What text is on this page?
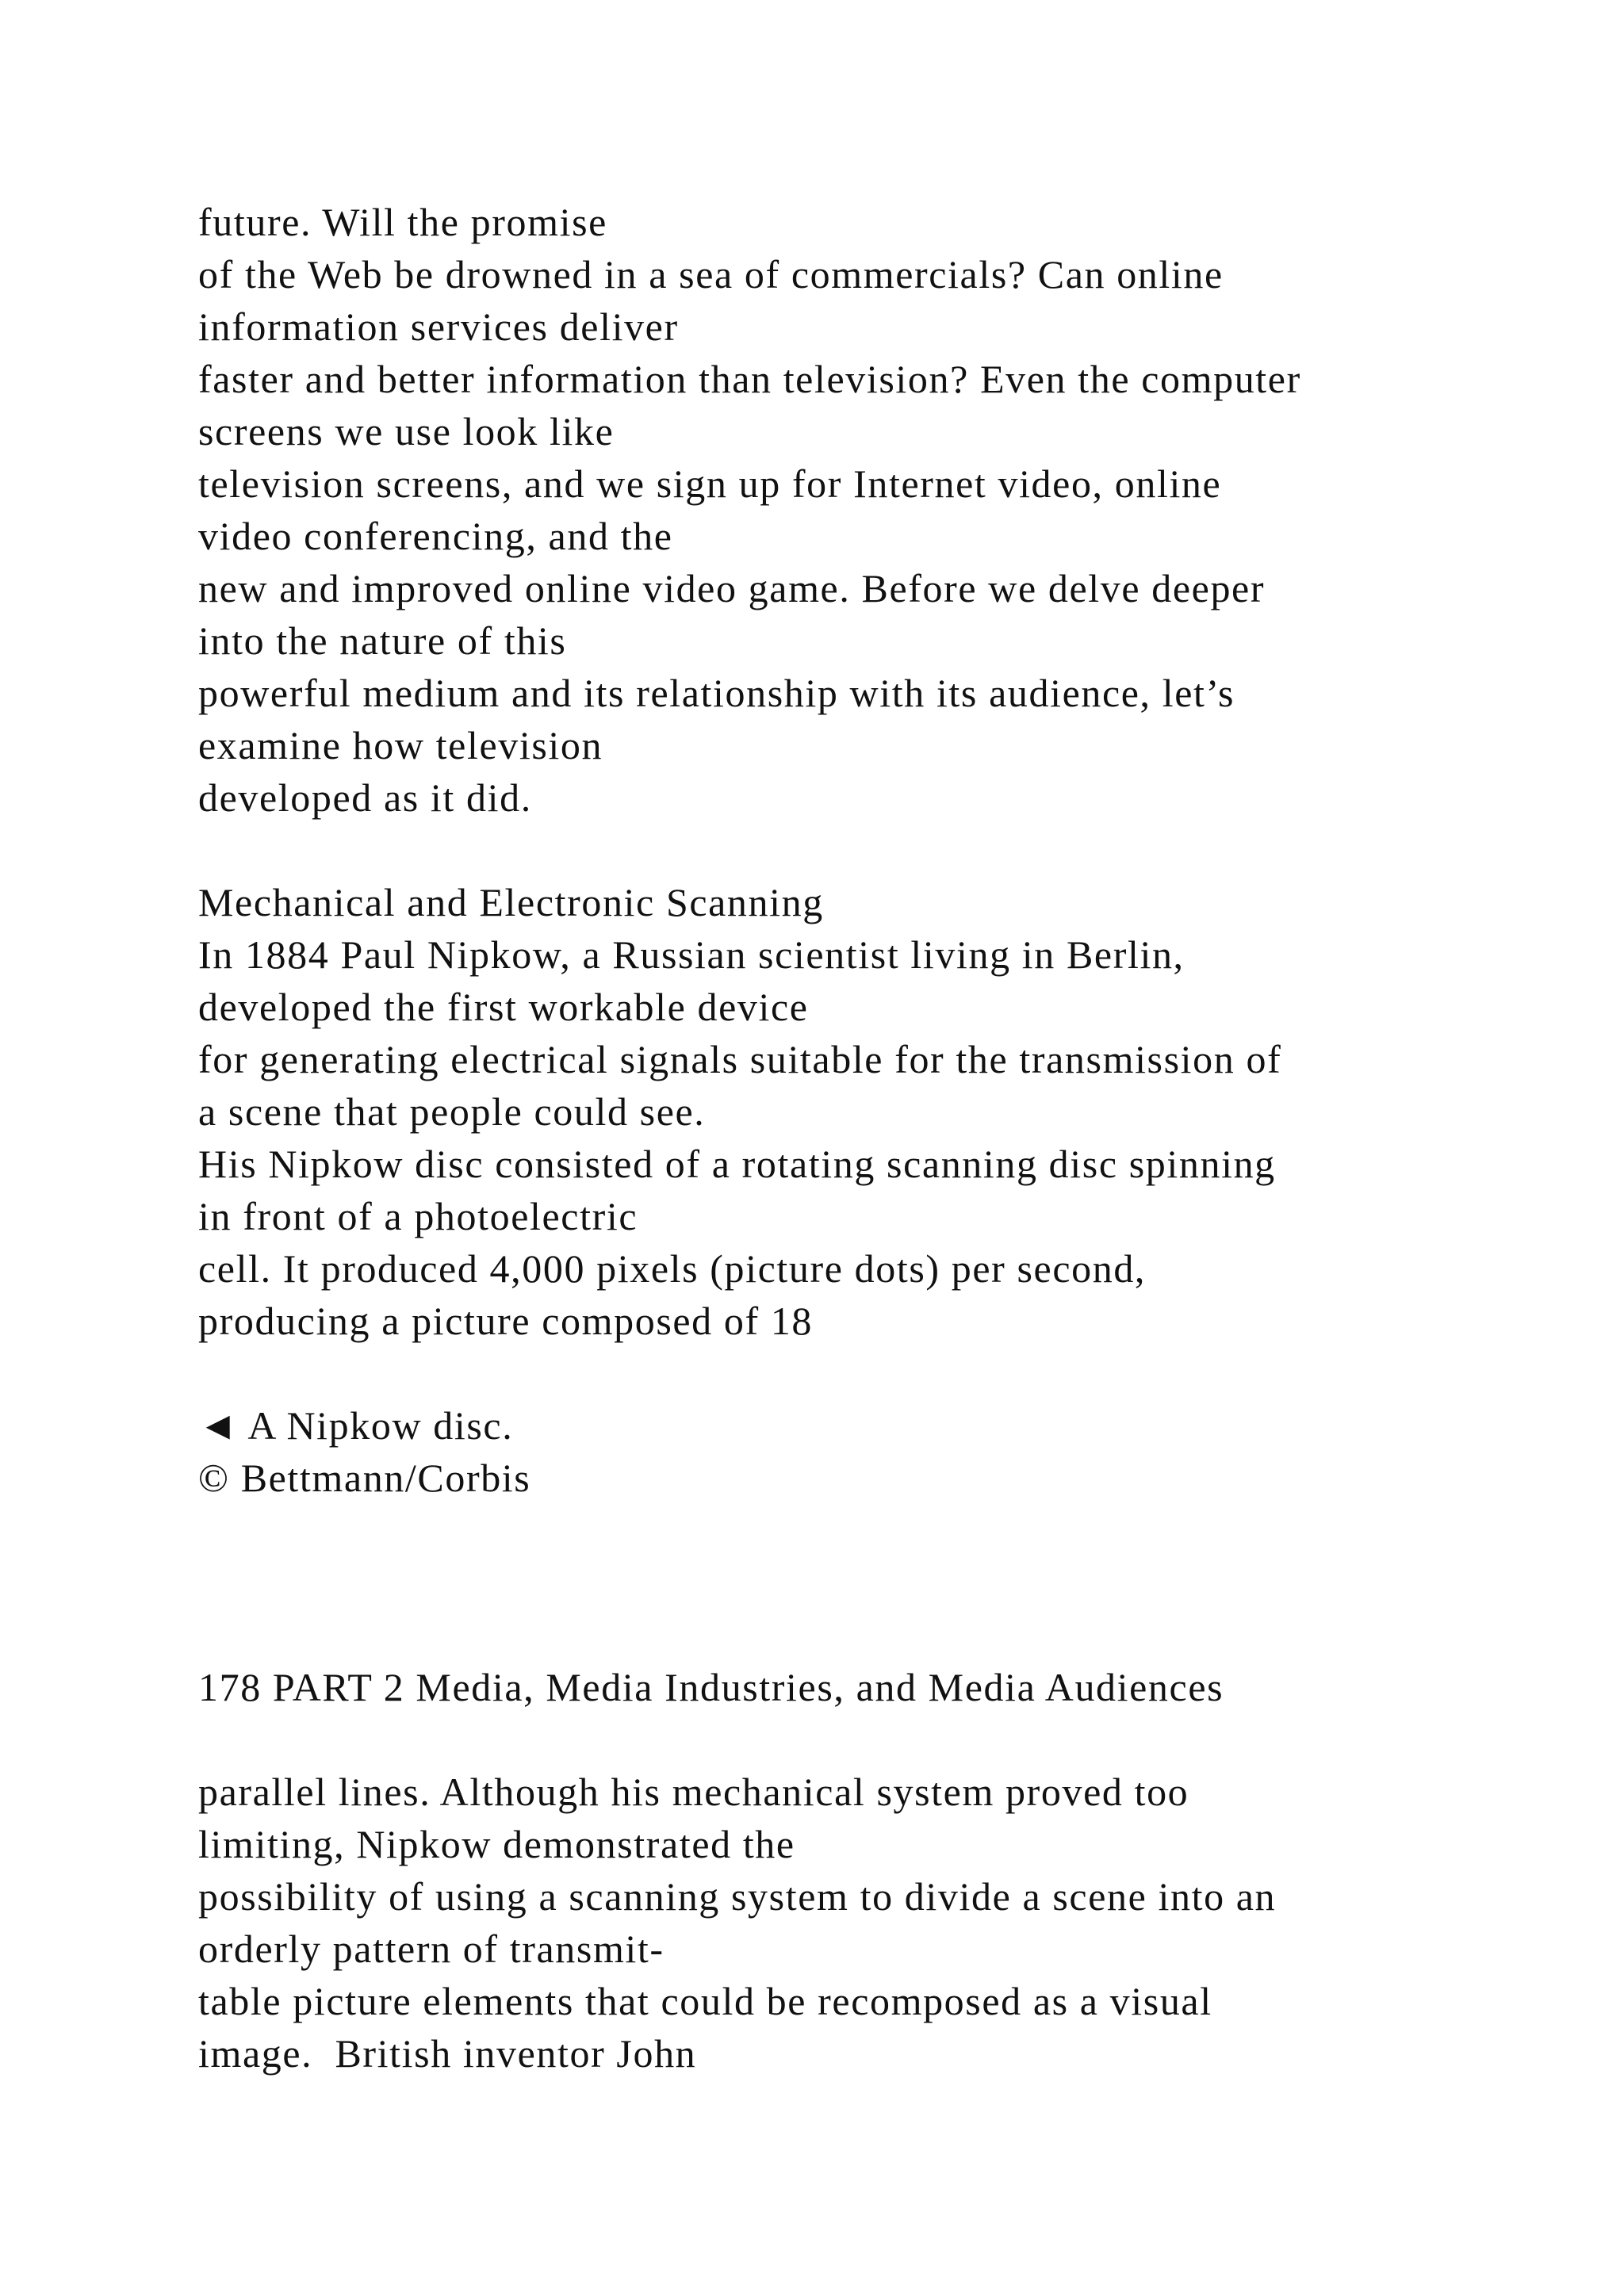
future. Will the promise
of the Web be drowned in a sea of commercials? Can online
information services deliver
faster and better information than television? Even the computer
screens we use look like
television screens, and we sign up for Internet video, online
video conferencing, and the
new and improved online video game. Before we delve deeper
into the nature of this
powerful medium and its relationship with its audience, let’s
examine how television
developed as it did.
Mechanical and Electronic Scanning
In 1884 Paul Nipkow, a Russian scientist living in Berlin,
developed the first workable device
for generating electrical signals suitable for the transmission of
a scene that people could see.
His Nipkow disc consisted of a rotating scanning disc spinning
in front of a photoelectric
cell. It produced 4,000 pixels (picture dots) per second,
producing a picture composed of 18
◄ A Nipkow disc.
© Bettmann/Corbis
178 PART 2 Media, Media Industries, and Media Audiences
parallel lines. Although his mechanical system proved too
limiting, Nipkow demonstrated the
possibility of using a scanning system to divide a scene into an
orderly pattern of transmit-
table picture elements that could be recomposed as a visual
image.  British inventor John
